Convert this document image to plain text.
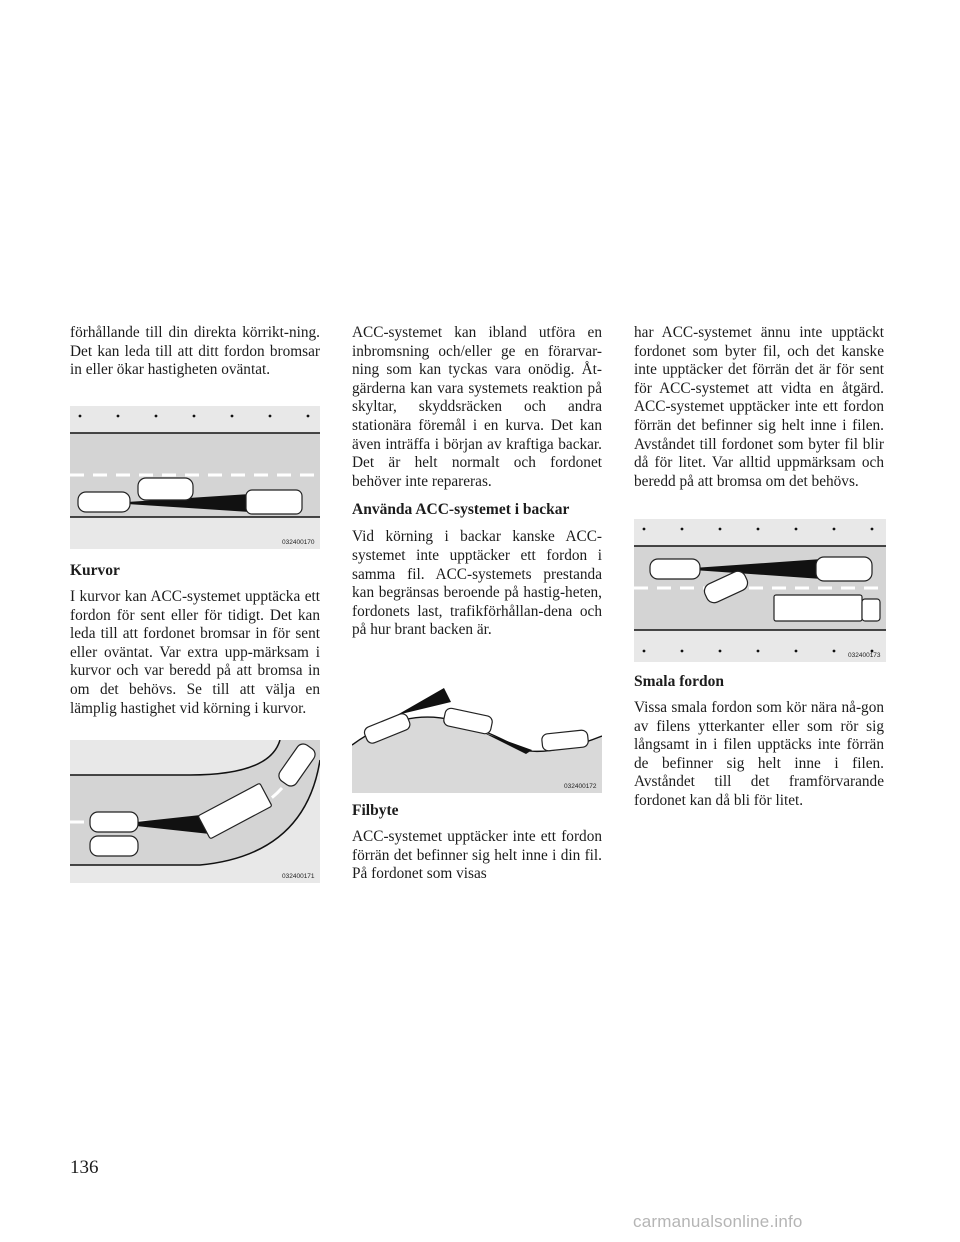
förhållande till din direkta körrikt-ning. Det kan leda till att ditt fordon bromsar in eller ökar hastigheten oväntat.

032400170
Kurvor

I kurvor kan ACC-systemet upptäcka ett fordon för sent eller för tidigt. Det kan leda till att fordonet bromsar in för sent eller oväntat. Var extra upp-märksam i kurvor och var beredd på att bromsa in om det behövs. Se till att välja en lämplig hastighet vid körning i kurvor.

032400171

ACC-systemet kan ibland utföra en inbromsning och/eller ge en förarvar-ning som kan tyckas vara onödig. Åt-gärderna kan vara systemets reaktion på skyltar, skyddsräcken och andra stationära föremål i en kurva. Det kan även inträffa i början av kraftiga backar. Det är helt normalt och fordonet behöver inte repareras.

Använda ACC-systemet i backar

Vid körning i backar kanske ACC-systemet inte upptäcker ett fordon i samma fil. ACC-systemets prestanda kan begränsas beroende på hastig-heten, fordonets last, trafikförhållan-dena och på hur brant backen är.

032400172
Filbyte

ACC-systemet upptäcker inte ett fordon förrän det befinner sig helt inne i din fil. På fordonet som visas

har ACC-systemet ännu inte upptäckt fordonet som byter fil, och det kanske inte upptäcker det förrän det är för sent för ACC-systemet att vidta en åtgärd. ACC-systemet upptäcker inte ett fordon förrän det befinner sig helt inne i filen. Avståndet till fordonet som byter fil blir då för litet. Var alltid uppmärksam och beredd på att bromsa om det behövs.

032400173
Smala fordon

Vissa smala fordon som kör nära nå-gon av filens ytterkanter eller som rör sig långsamt in i filen upptäcks inte förrän de befinner sig helt inne i filen. Avståndet till det framförvarande fordonet kan då bli för litet.

136
carmanualsonline.info
